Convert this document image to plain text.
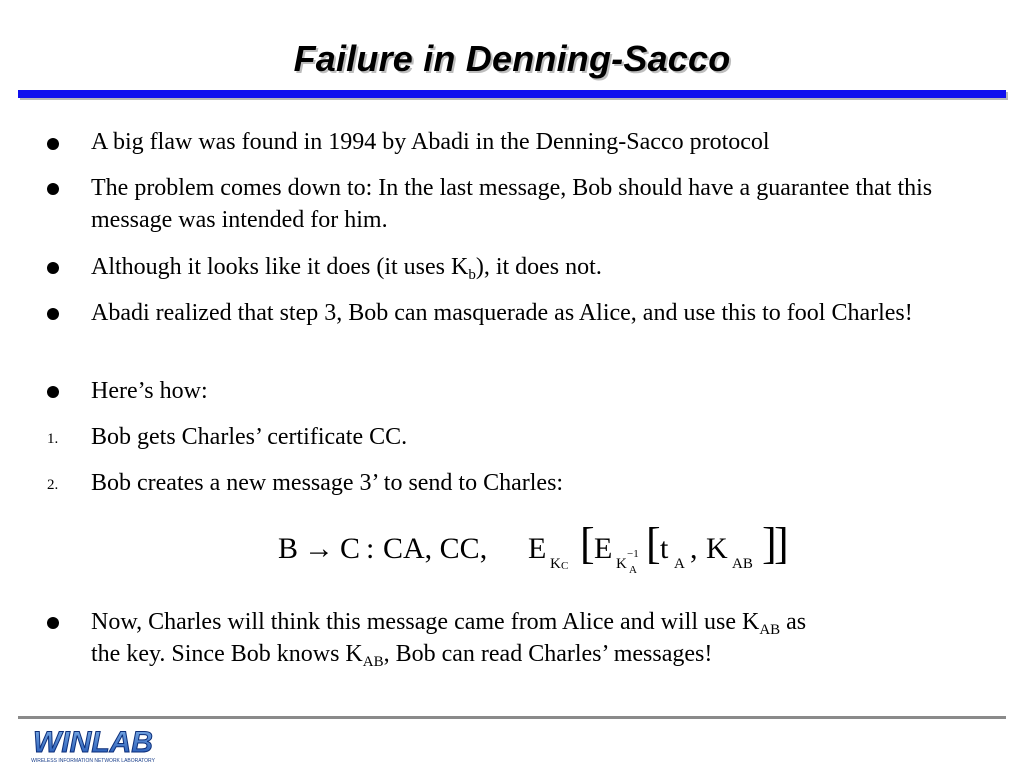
Failure in Denning-Sacco
A big flaw was found in 1994 by Abadi in the Denning-Sacco protocol
The problem comes down to: In the last message, Bob should have a guarantee that this message was intended for him.
Although it looks like it does (it uses $K_b$), it does not.
Abadi realized that step 3, Bob can masquerade as Alice, and use this to fool Charles!
Here’s how:
1. Bob gets Charles’ certificate CC.
2. Bob creates a new message 3’ to send to Charles:
B → C : CA, CC, E K C [ E K
−1
A
[ t A , K AB ]
]
Now, Charles will think this message came from Alice and will use $K_{AB}$ as
the key. Since Bob knows $K_{AB}$, Bob can read Charles’ messages!
WINLAB
WIRELESS INFORMATION NETWORK LABORATORY
